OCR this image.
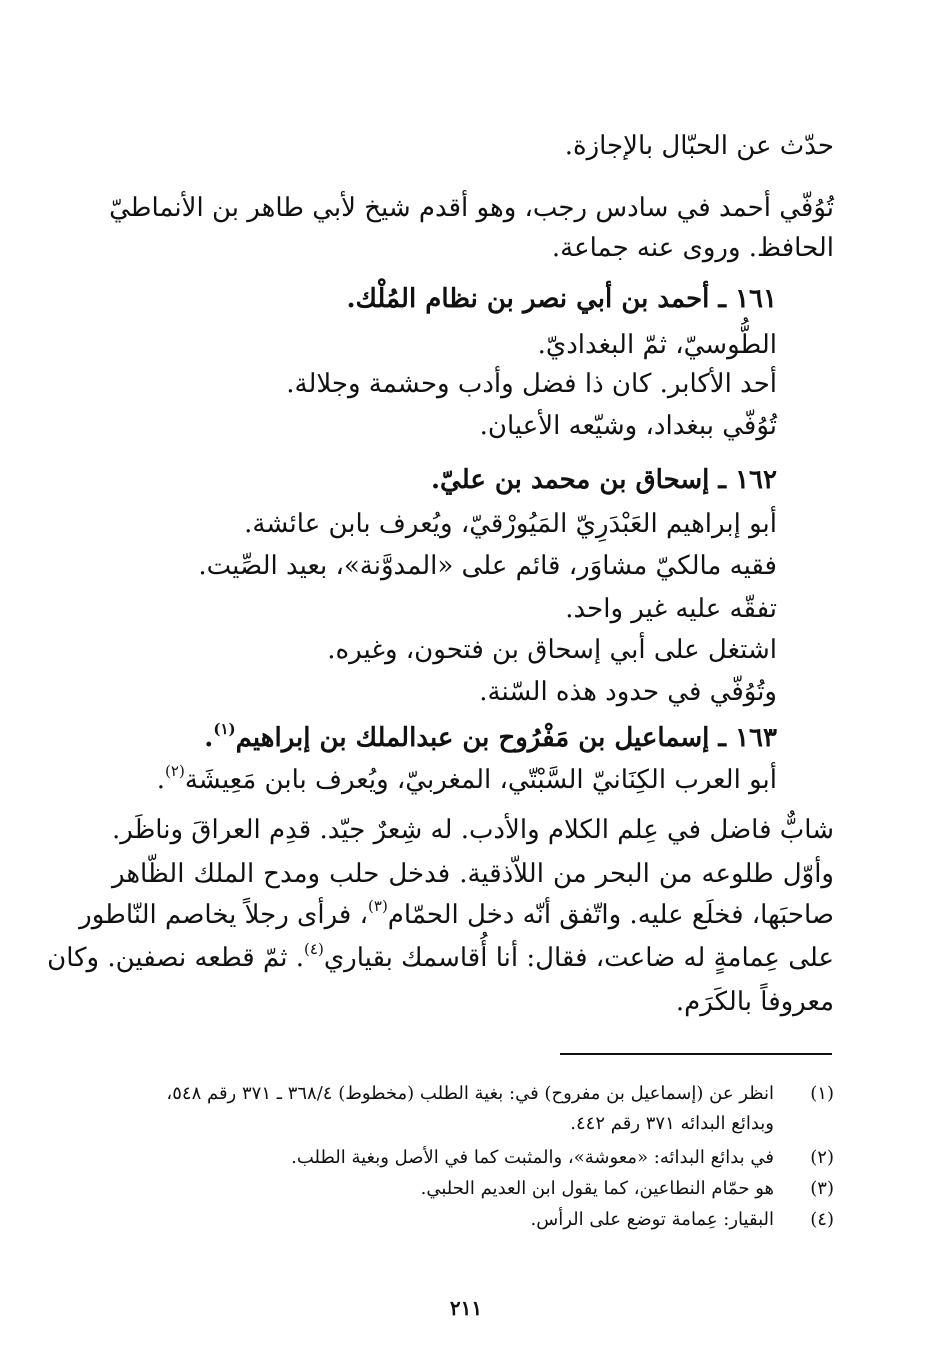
حدّث عن الحبّال بالإجازة.
تُوُفّي أحمد في سادس رجب، وهو أقدم شيخ لأبي طاهر بن الأنماطيّ
الحافظ. وروى عنه جماعة.
١٦١ ـ أحمد بن أبي نصر بن نظام المُلْك.
الطُّوسيّ، ثمّ البغداديّ.
أحد الأكابر. كان ذا فضل وأدب وحشمة وجلالة.
تُوُفّي ببغداد، وشيّعه الأعيان.
١٦٢ ـ إسحاق بن محمد بن عليّ.
أبو إبراهيم العَبْدَرِيّ المَيُورْقيّ، ويُعرف بابن عائشة.
فقيه مالكيّ مشاوَر، قائم على «المدوَّنة»، بعيد الصِّيت.
تفقّه عليه غير واحد.
اشتغل على أبي إسحاق بن فتحون، وغيره.
وتُوُفّي في حدود هذه السّنة.
١٦٣ ـ إسماعيل بن مَفْرُوح بن عبدالملك بن إبراهيم$^{(١)}$.
أبو العرب الكِنَانيّ السَّبْتّي، المغربيّ، ويُعرف بابن مَعِيشَة$^{(٢)}$.
شابٌّ فاضل في عِلم الكلام والأدب. له شِعرٌ جيّد. قدِم العراقَ وناظَر.
وأوّل طلوعه من البحر من اللاّذقية. فدخل حلب ومدح الملك الظّاهر
صاحبَها، فخلَع عليه. واتّفق أنّه دخل الحمّام$^{(٣)}$، فرأى رجلاً يخاصم النّاطور
على عِمامةٍ له ضاعت، فقال: أنا أُقاسمك بقياري$^{(٤)}$. ثمّ قطعه نصفين. وكان
معروفاً بالكَرَم.
(١)
انظر عن (إسماعيل بن مفروح) في: بغية الطلب (مخطوط) ٣٦٨/٤ ـ ٣٧١ رقم ٥٤٨،
وبدائع البدائه ٣٧١ رقم ٤٤٢.
(٢)
في بدائع البدائه: «معوشة»، والمثبت كما في الأصل وبغية الطلب.
(٣)
هو حمّام النطاعين، كما يقول ابن العديم الحلبي.
(٤)
البقيار: عِمامة توضع على الرأس.
٢١١
